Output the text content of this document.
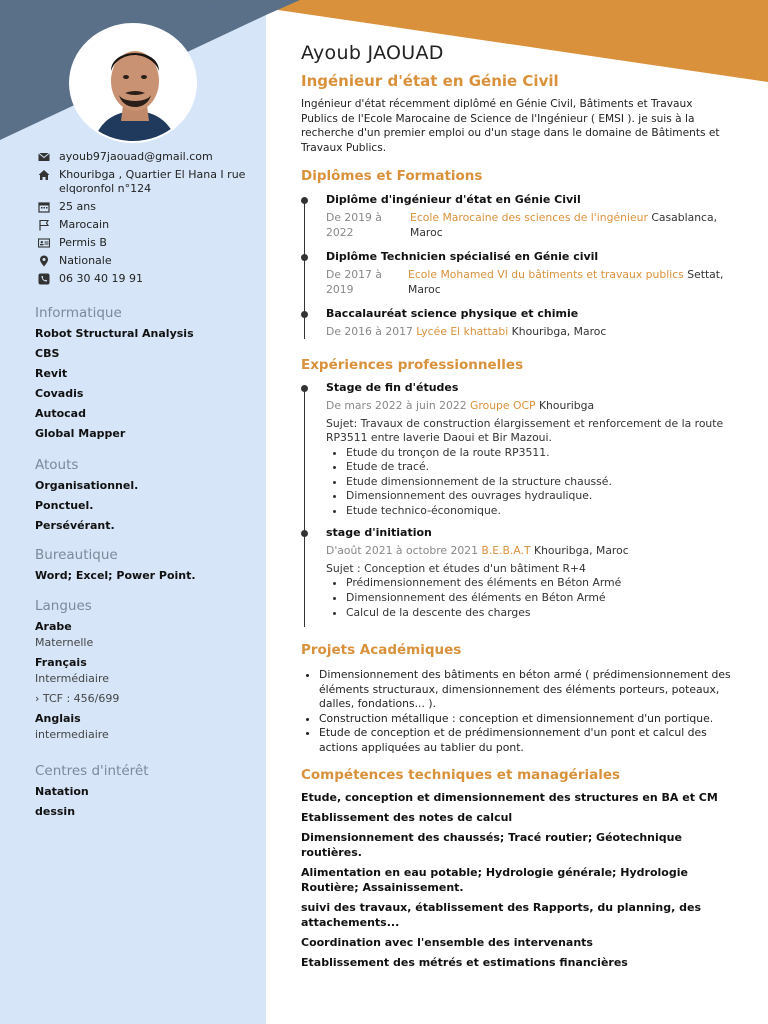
ayoub97jaouad@gmail.com
Khouribga , Quartier El Hana I rue elqoronfol n°124
25 ans
Marocain
Permis B
Nationale
06 30 40 19 91
Informatique
Robot Structural Analysis
CBS
Revit
Covadis
Autocad
Global Mapper
Atouts
Organisationnel.
Ponctuel.
Persévérant.
Bureautique
Word; Excel; Power Point.
Langues
Arabe
Maternelle
Français
Intermédiaire
› TCF : 456/699
Anglais
intermediaire
Centres d'intérêt
Natation
dessin
Ayoub JAOUAD
Ingénieur d'état en Génie Civil
Ingénieur d'état récemment diplômé en Génie Civil, Bâtiments et Travaux Publics de l'Ecole Marocaine de Science de l'Ingénieur ( EMSI ). je suis à la recherche d'un premier emploi ou d'un stage dans le domaine de Bâtiments et Travaux Publics.
Diplômes et Formations
Diplôme d'ingénieur d'état en Génie Civil
De 2019 à 2022
Ecole Marocaine des sciences de l'ingénieur Casablanca, Maroc
Diplôme Technicien spécialisé en Génie civil
De 2017 à 2019
Ecole Mohamed VI du bâtiments et travaux publics Settat, Maroc
Baccalauréat science physique et chimie
De 2016 à 2017 Lycée El khattabi Khouribga, Maroc
Expériences professionnelles
Stage de fin d'études
De mars 2022 à juin 2022 Groupe OCP Khouribga
Sujet: Travaux de construction élargissement et renforcement de la route RP3511 entre laverie Daoui et Bir Mazoui.
• Etude du tronçon de la route RP3511.
• Etude de tracé.
• Etude dimensionnement de la structure chaussé.
• Dimensionnement des ouvrages hydraulique.
• Etude technico-économique.
stage d'initiation
D'août 2021 à octobre 2021 B.E.B.A.T Khouribga, Maroc
Sujet : Conception et études d'un bâtiment R+4
• Prédimensionnement des éléments en Béton Armé
• Dimensionnement des éléments en Béton Armé
• Calcul de la descente des charges
Projets Académiques
• Dimensionnement des bâtiments en béton armé ( prédimensionnement des éléments structuraux, dimensionnement des éléments porteurs, poteaux, dalles, fondations... ).
• Construction métallique : conception et dimensionnement d'un portique.
• Etude de conception et de prédimensionnement d'un pont et calcul des actions appliquées au tablier du pont.
Compétences techniques et managériales
Etude, conception et dimensionnement des structures en BA et CM
Etablissement des notes de calcul
Dimensionnement des chaussés; Tracé routier; Géotechnique routières.
Alimentation en eau potable; Hydrologie générale; Hydrologie Routière; Assainissement.
suivi des travaux, établissement des Rapports, du planning, des attachements...
Coordination avec l'ensemble des intervenants
Etablissement des métrés et estimations financières
